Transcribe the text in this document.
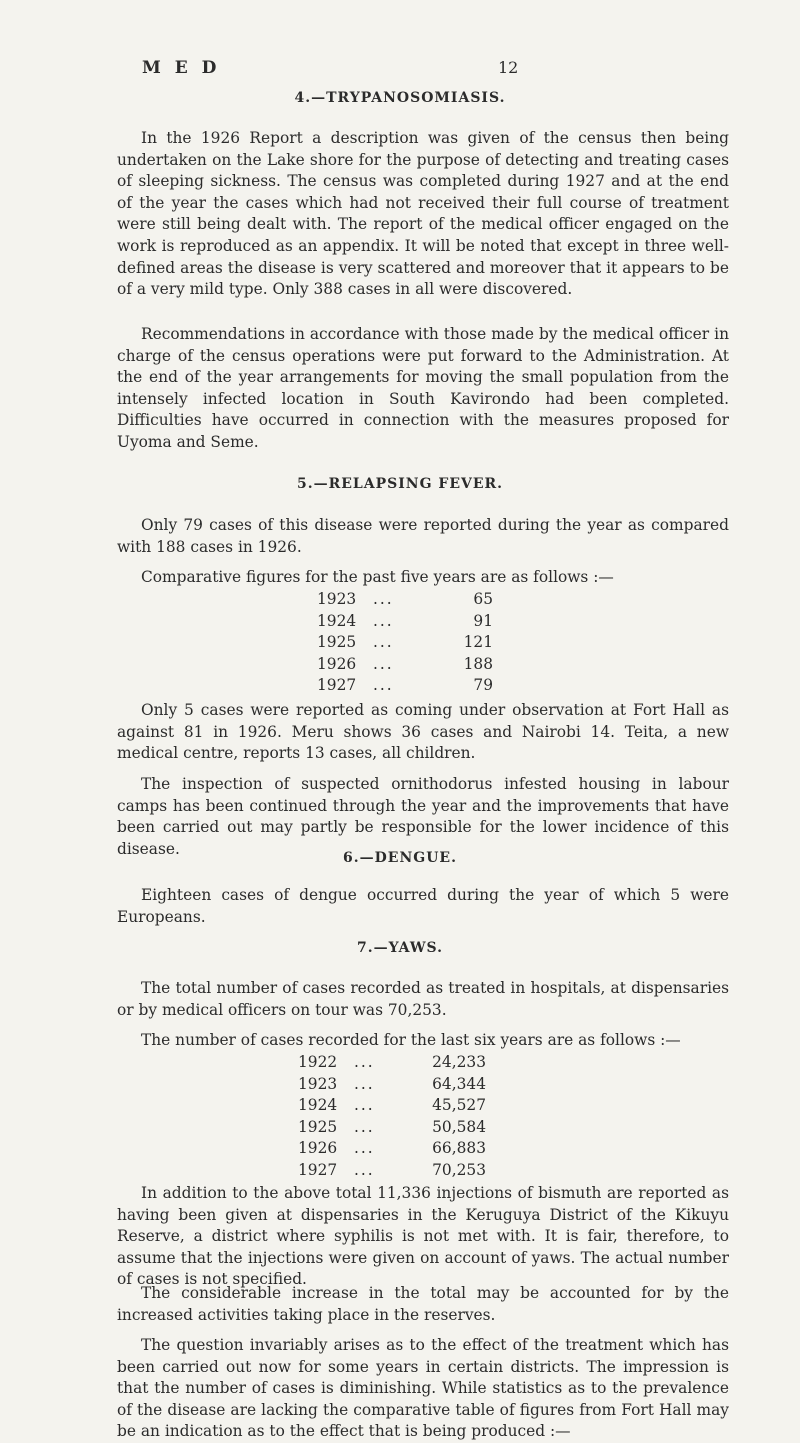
M E D	12
4.—TRYPANOSOMIASIS.

In the 1926 Report a description was given of the census then being undertaken on the Lake shore for the purpose of detecting and treating cases of sleeping sickness. The census was completed during 1927 and at the end of the year the cases which had not received their full course of treatment were still being dealt with. The report of the medical officer engaged on the work is reproduced as an appendix. It will be noted that except in three well-defined areas the disease is very scattered and moreover that it appears to be of a very mild type. Only 388 cases in all were discovered.

Recommendations in accordance with those made by the medical officer in charge of the census operations were put forward to the Administration. At the end of the year arrangements for moving the small population from the intensely infected location in South Kavirondo had been completed. Difficulties have occurred in connection with the measures proposed for Uyoma and Seme.

5.—RELAPSING FEVER.

Only 79 cases of this disease were reported during the year as compared with 188 cases in 1926.

Comparative figures for the past five years are as follows :—

1923	...	65
1924	...	91
1925	...	121
1926	...	188
1927	...	79

Only 5 cases were reported as coming under observation at Fort Hall as against 81 in 1926. Meru shows 36 cases and Nairobi 14. Teita, a new medical centre, reports 13 cases, all children.

The inspection of suspected ornithodorus infested housing in labour camps has been continued through the year and the improvements that have been carried out may partly be responsible for the lower incidence of this disease.

6.—DENGUE.

Eighteen cases of dengue occurred during the year of which 5 were Europeans.

7.—YAWS.

The total number of cases recorded as treated in hospitals, at dispensaries or by medical officers on tour was 70,253.

The number of cases recorded for the last six years are as follows :—

1922	...	24,233
1923	...	64,344
1924	...	45,527
1925	...	50,584
1926	...	66,883
1927	...	70,253

In addition to the above total 11,336 injections of bismuth are reported as having been given at dispensaries in the Keruguya District of the Kikuyu Reserve, a district where syphilis is not met with. It is fair, therefore, to assume that the injections were given on account of yaws. The actual number of cases is not specified.

The considerable increase in the total may be accounted for by the increased activities taking place in the reserves.

The question invariably arises as to the effect of the treatment which has been carried out now for some years in certain districts. The impression is that the number of cases is diminishing. While statistics as to the prevalence of the disease are lacking the comparative table of figures from Fort Hall may be an indication as to the effect that is being produced :—
